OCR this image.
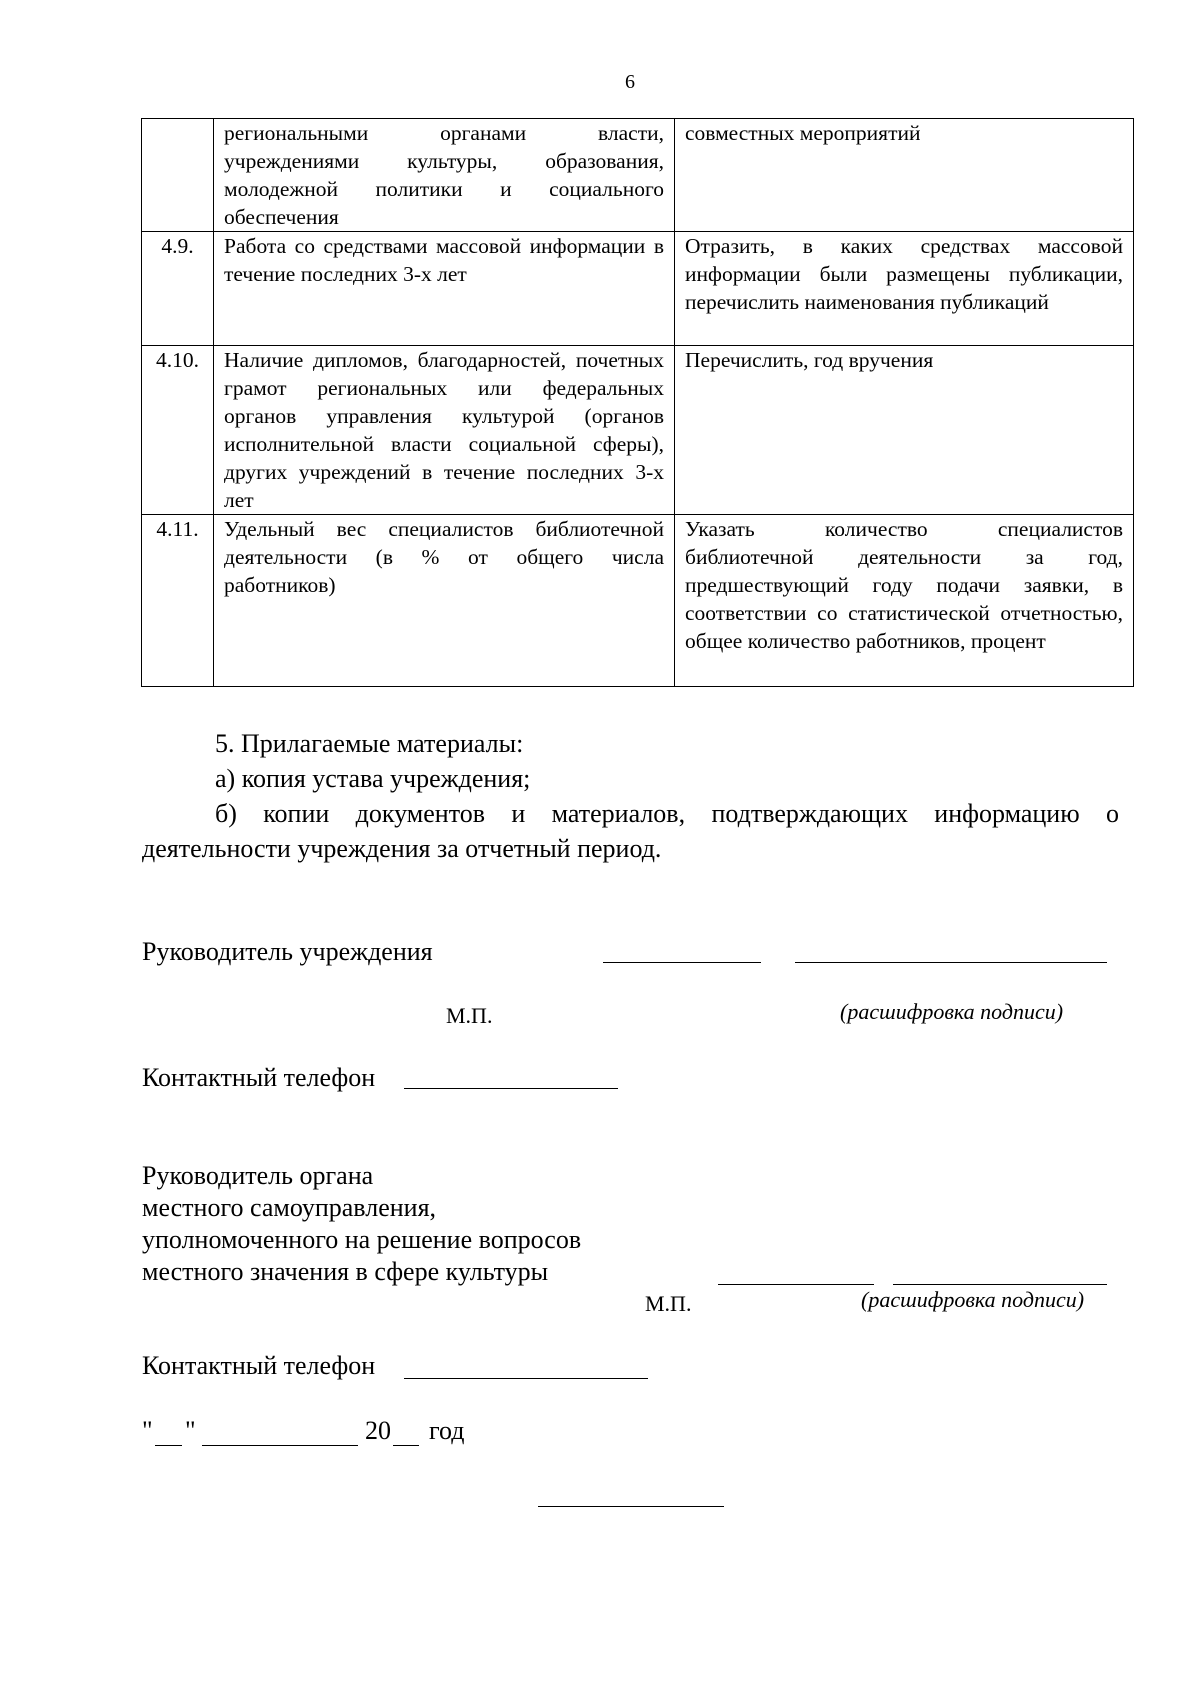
6
	региональными органами власти, учреждениями культуры, образования, молодежной политики и социального обеспечения	совместных мероприятий
4.9.	Работа со средствами массовой информации в течение последних 3-х лет	Отразить, в каких средствах массовой информации были размещены публикации, перечислить наименования публикаций
4.10.	Наличие дипломов, благодарностей, почетных грамот региональных или федеральных органов управления культурой (органов исполнительной власти социальной сферы), других учреждений в течение последних 3-х лет	Перечислить, год вручения
4.11.	Удельный вес специалистов библиотечной деятельности (в % от общего числа работников)	Указать количество специалистов библиотечной деятельности за год, предшествующий году подачи заявки, в соответствии со статистической отчетностью, общее количество работников, процент
5. Прилагаемые материалы:
а) копия устава учреждения;
б) копии документов и материалов, подтверждающих информацию о деятельности учреждения за отчетный период.
Руководитель учреждения
М.П.	(расшифровка подписи)
Контактный телефон
Руководитель органа
местного самоуправления,
уполномоченного на решение вопросов
местного значения в сфере культуры
М.П.	(расшифровка подписи)
Контактный телефон
" "	20 год
